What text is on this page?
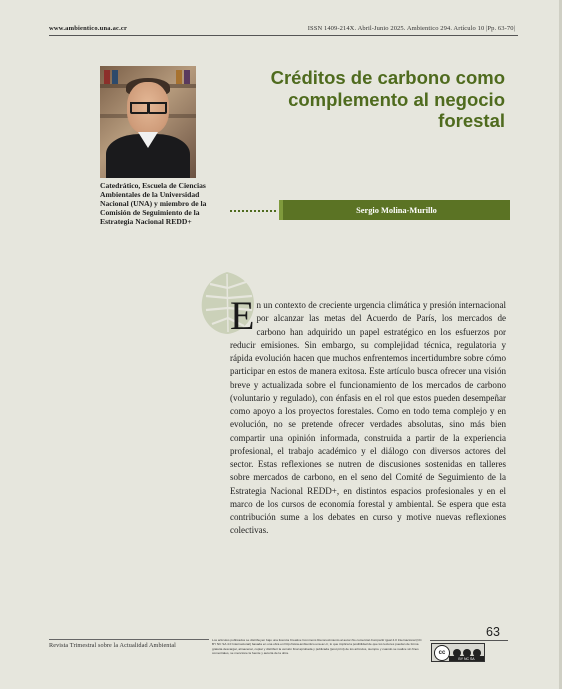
www.ambientico.una.ac.cr	ISSN 1409-214X. Abril-Junio 2025. Ambientico 294. Artículo 10 |Pp. 63-70|
Catedrático, Escuela de Ciencias Ambientales de la Universidad Nacional (UNA) y miembro de la Comisión de Seguimiento de la Estrategia Nacional REDD+
Créditos de carbono como complemento al negocio forestal
Sergio Molina-Murillo
En un contexto de creciente urgencia climática y presión internacional por alcanzar las metas del Acuerdo de París, los mercados de carbono han adquirido un papel estratégico en los esfuerzos por reducir emisiones. Sin embargo, su complejidad técnica, regulatoria y rápida evolución hacen que muchos enfrentemos incertidumbre sobre cómo participar en estos de manera exitosa. Este artículo busca ofrecer una visión breve y actualizada sobre el funcionamiento de los mercados de carbono (voluntario y regulado), con énfasis en el rol que estos pueden desempeñar como apoyo a los proyectos forestales. Como en todo tema complejo y en evolución, no se pretende ofrecer verdades absolutas, sino más bien compartir una opinión informada, construida a partir de la experiencia profesional, el trabajo académico y el diálogo con diversos actores del sector. Estas reflexiones se nutren de discusiones sostenidas en talleres sobre mercados de carbono, en el seno del Comité de Seguimiento de la Estrategia Nacional REDD+, en distintos espacios profesionales y en el marco de los cursos de economía forestal y ambiental. Se espera que esta contribución sume a los debates en curso y motive nuevas reflexiones colectivas.
Revista Trimestral sobre la Actualidad Ambiental
Los artículos publicados se distribuyen bajo una licencia Creative Commons Reconocimiento al autor-No comercial-Compartir igual 4.0 Internacional (CC BY NC SA 4.0 Internacional) basada en una obra en http://www.ambientico.una.ac.cr, lo que implica la posibilidad de que los lectores puedan de forma gratuita descargar, almacenar, copiar y distribuir la versión final aprobada y publicada (post print) de los artículos, siempre y cuando se realice sin fines comerciales, se mencione la fuente y autoría de la obra.
63
cc
BY NC SA
